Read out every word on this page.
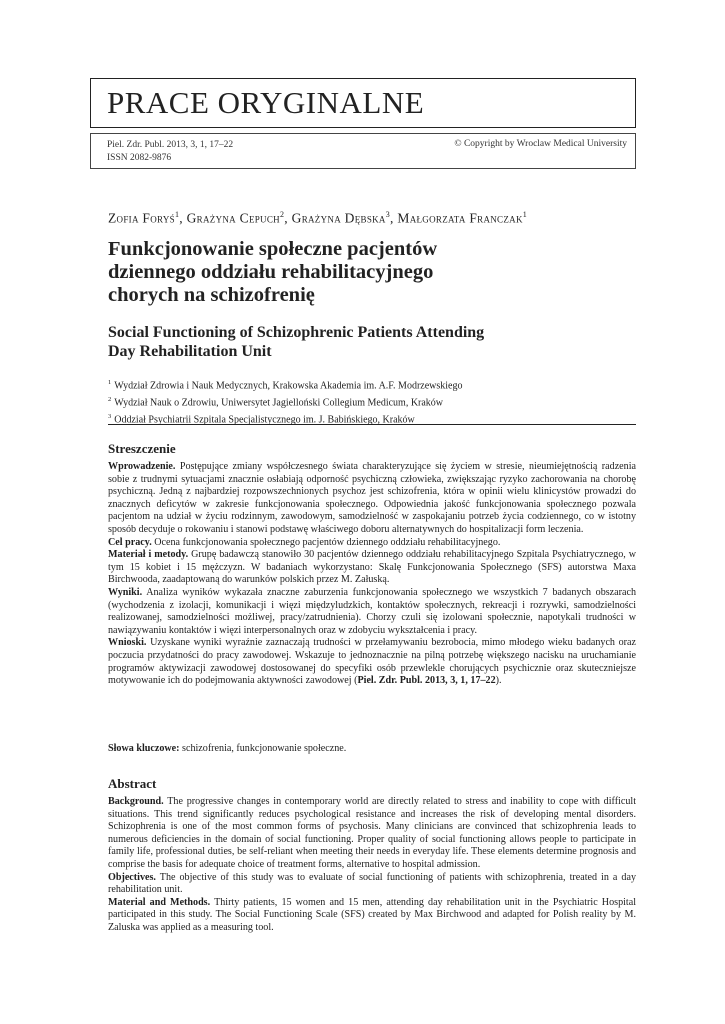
PRACE ORYGINALNE
Piel. Zdr. Publ. 2013, 3, 1, 17–22
ISSN 2082-9876
© Copyright by Wroclaw Medical University
Zofia Foryś$^1$, Grażyna Cepuch$^2$, Grażyna Dębska$^3$, Małgorzata Franczak$^1$
Funkcjonowanie społeczne pacjentów
dziennego oddziału rehabilitacyjnego
chorych na schizofrenię
Social Functioning of Schizophrenic Patients Attending
Day Rehabilitation Unit
$^1$ Wydział Zdrowia i Nauk Medycznych, Krakowska Akademia im. A.F. Modrzewskiego
$^2$ Wydział Nauk o Zdrowiu, Uniwersytet Jagielloński Collegium Medicum, Kraków
$^3$ Oddział Psychiatrii Szpitala Specjalistycznego im. J. Babińskiego, Kraków
Streszczenie

Wprowadzenie. Postępujące zmiany współczesnego świata charakteryzujące się życiem w stresie, nieumiejętnością radzenia sobie z trudnymi sytuacjami znacznie osłabiają odporność psychiczną człowieka, zwiększając ryzyko zachorowania na chorobę psychiczną. Jedną z najbardziej rozpowszechnionych psychoz jest schizofrenia, która w opinii wielu klinicystów prowadzi do znacznych deficytów w zakresie funkcjonowania społecznego. Odpowiednia jakość funkcjonowania społecznego pozwala pacjentom na udział w życiu rodzinnym, zawodowym, samodzielność w zaspokajaniu potrzeb życia codziennego, co w istotny sposób decyduje o rokowaniu i stanowi podstawę właściwego doboru alternatywnych do hospitalizacji form leczenia.

Cel pracy. Ocena funkcjonowania społecznego pacjentów dziennego oddziału rehabilitacyjnego.

Materiał i metody. Grupę badawczą stanowiło 30 pacjentów dziennego oddziału rehabilitacyjnego Szpitala Psychiatrycznego, w tym 15 kobiet i 15 mężczyzn. W badaniach wykorzystano: Skalę Funkcjonowania Społecznego (SFS) autorstwa Maxa Birchwooda, zaadaptowaną do warunków polskich przez M. Załuską.

Wyniki. Analiza wyników wykazała znaczne zaburzenia funkcjonowania społecznego we wszystkich 7 badanych obszarach (wychodzenia z izolacji, komunikacji i więzi międzyludzkich, kontaktów społecznych, rekreacji i rozrywki, samodzielności realizowanej, samodzielności możliwej, pracy/zatrudnienia). Chorzy czuli się izolowani społecznie, napotykali trudności w nawiązywaniu kontaktów i więzi interpersonalnych oraz w zdobyciu wykształcenia i pracy.

Wnioski. Uzyskane wyniki wyraźnie zaznaczają trudności w przełamywaniu bezrobocia, mimo młodego wieku badanych oraz poczucia przydatności do pracy zawodowej. Wskazuje to jednoznacznie na pilną potrzebę większego nacisku na uruchamianie programów aktywizacji zawodowej dostosowanej do specyfiki osób przewlekle chorujących psychicznie oraz skuteczniejsze motywowanie ich do podejmowania aktywności zawodowej (Piel. Zdr. Publ. 2013, 3, 1, 17–22).

Słowa kluczowe: schizofrenia, funkcjonowanie społeczne.
Abstract

Background. The progressive changes in contemporary world are directly related to stress and inability to cope with difficult situations. This trend significantly reduces psychological resistance and increases the risk of developing mental disorders. Schizophrenia is one of the most common forms of psychosis. Many clinicians are convinced that schizophrenia leads to numerous deficiencies in the domain of social functioning. Proper quality of social functioning allows people to participate in family life, professional duties, be self-reliant when meeting their needs in everyday life. These elements determine prognosis and comprise the basis for adequate choice of treatment forms, alternative to hospital admission.

Objectives. The objective of this study was to evaluate of social functioning of patients with schizophrenia, treated in a day rehabilitation unit.

Material and Methods. Thirty patients, 15 women and 15 men, attending day rehabilitation unit in the Psychiatric Hospital participated in this study. The Social Functioning Scale (SFS) created by Max Birchwood and adapted for Polish reality by M. Zaluska was applied as a measuring tool.
